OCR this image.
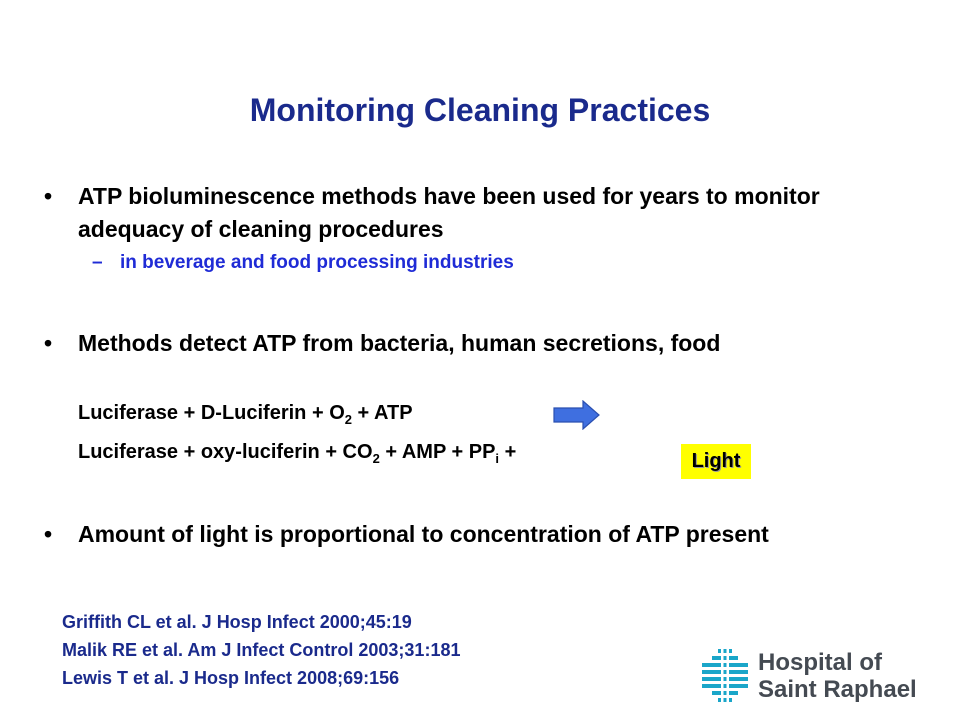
Monitoring Cleaning Practices
• ATP bioluminescence methods have been used for years to monitor adequacy of cleaning procedures
– in beverage and food processing industries
• Methods detect ATP from bacteria, human secretions, food
Luciferase + D-Luciferin + $O_2$ + ATP
Luciferase + oxy-luciferin + $CO_2$ + AMP + $PP_i$ +	Light
• Amount of light is proportional to concentration of ATP present
Griffith CL et al. J Hosp Infect 2000;45:19
Malik RE et al. Am J Infect Control 2003;31:181
Lewis T et al. J Hosp Infect 2008;69:156
Hospital of
Saint Raphael
